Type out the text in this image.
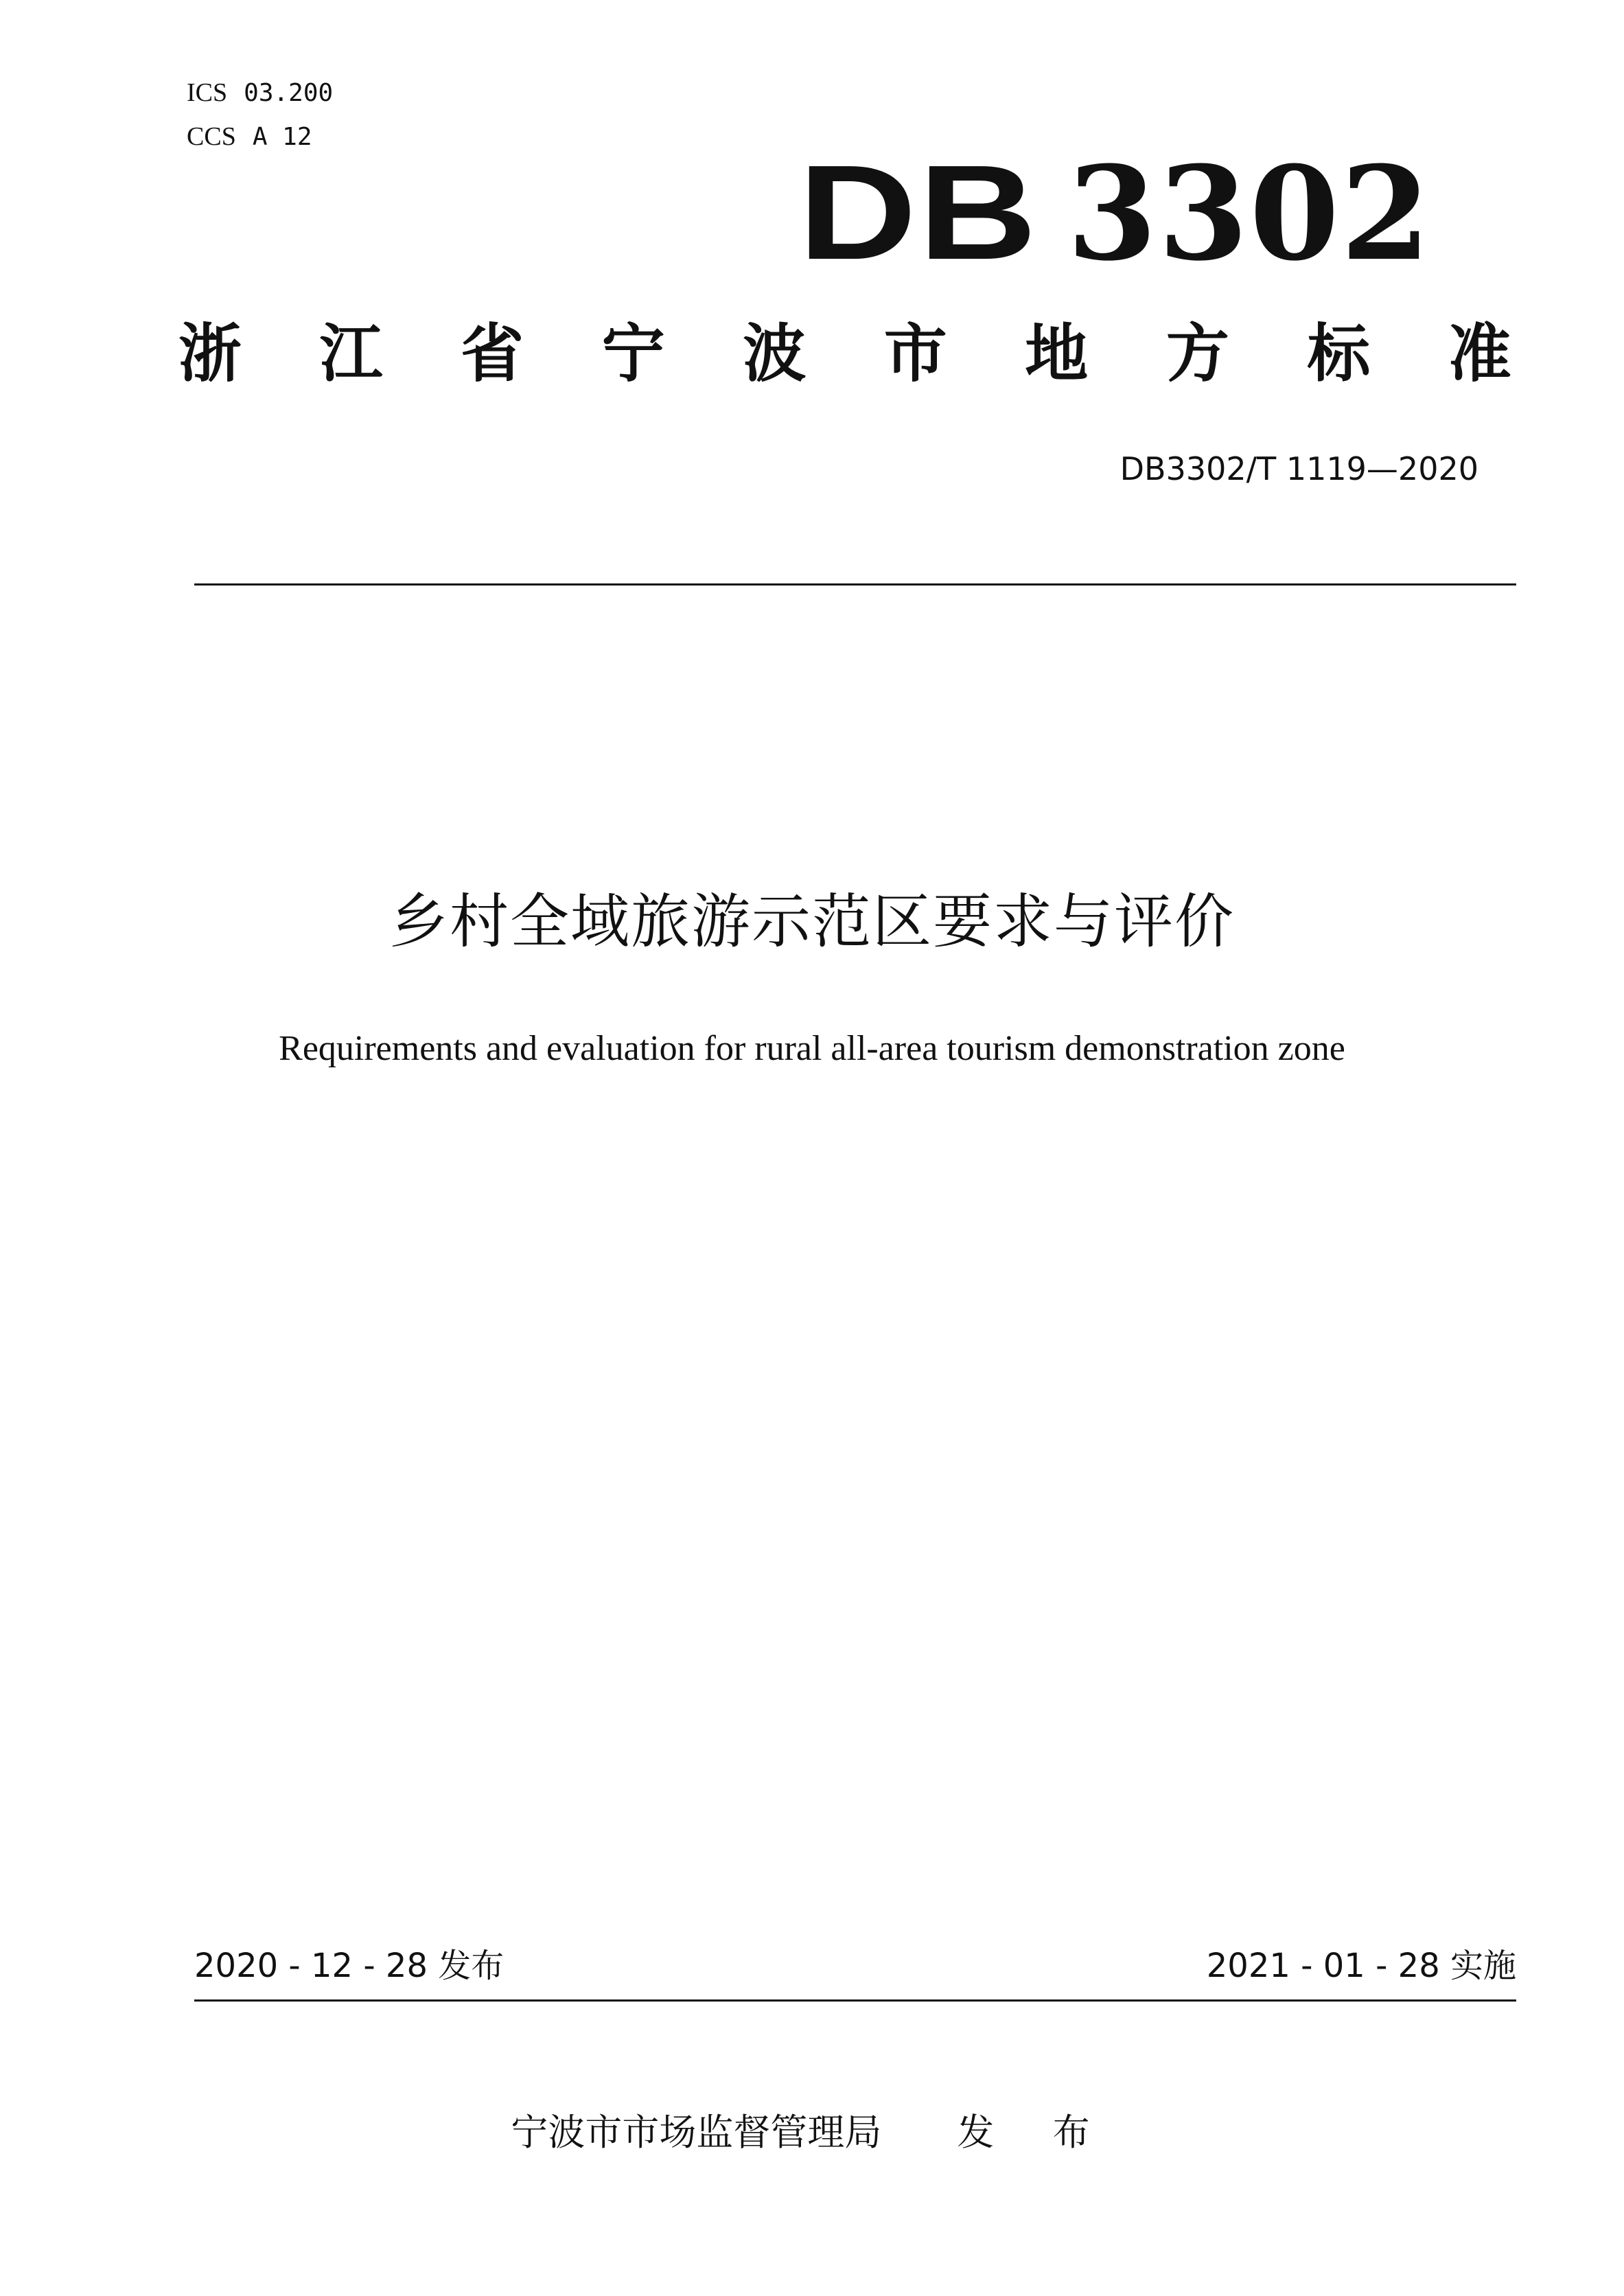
ICS 03.200
CCS A 12
DB 3302
浙 江 省 宁 波 市 地 方 标 准
DB3302/T 1119—2020
乡村全域旅游示范区要求与评价
Requirements and evaluation for rural all-area tourism demonstration zone
2020 - 12 - 28 发布	2021 - 01 - 28 实施
宁波市市场监督管理局 发 布
